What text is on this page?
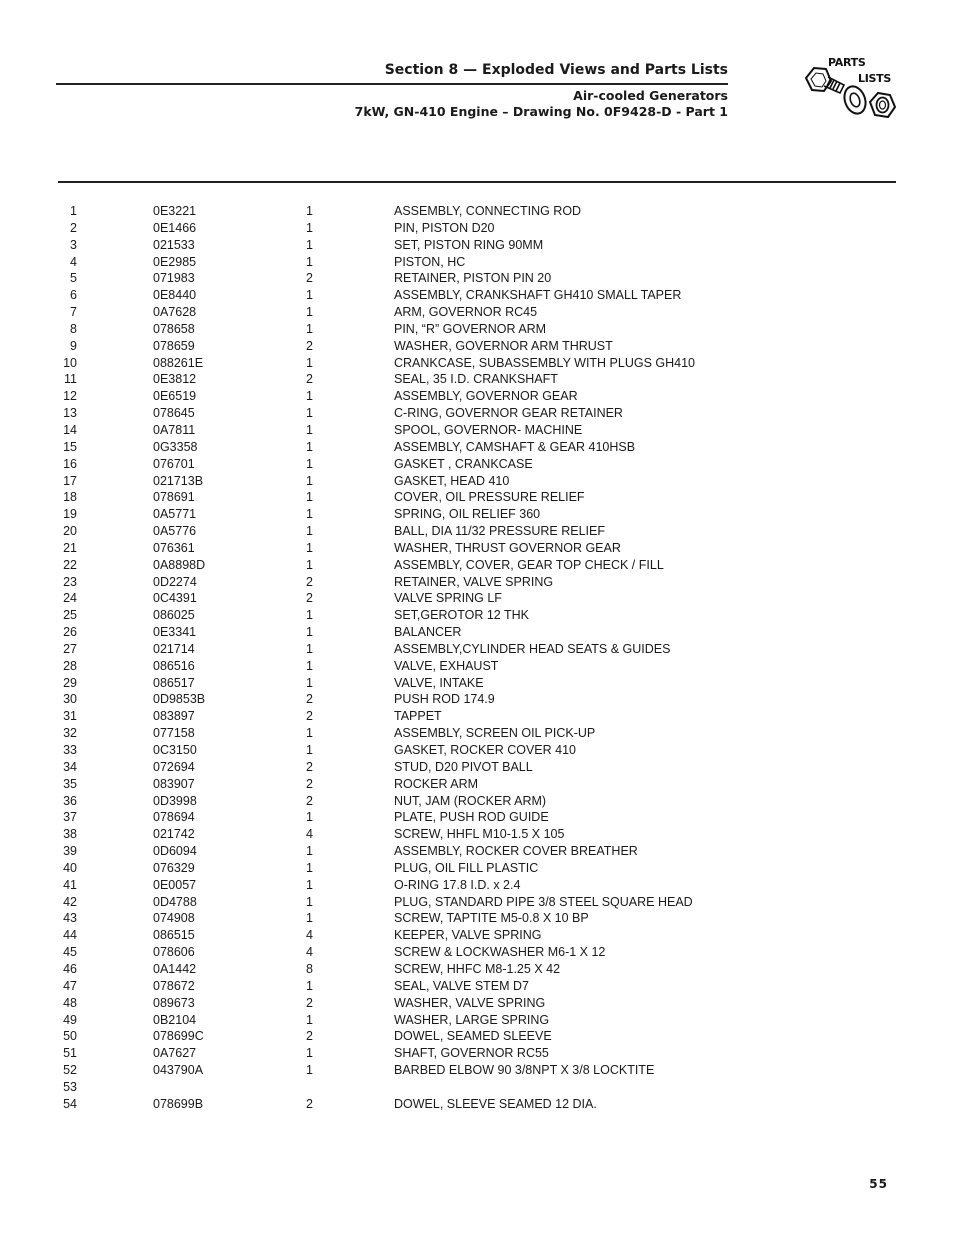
Section 8 — Exploded Views and Parts Lists
Air-cooled Generators
7kW, GN-410 Engine – Drawing No. 0F9428-D - Part 1
PARTS
LISTS
1	0E3221	1	ASSEMBLY, CONNECTING ROD
2	0E1466	1	PIN, PISTON D20
3	021533	1	SET, PISTON RING 90MM
4	0E2985	1	PISTON, HC
5	071983	2	RETAINER, PISTON PIN 20
6	0E8440	1	ASSEMBLY, CRANKSHAFT GH410 SMALL TAPER
7	0A7628	1	ARM, GOVERNOR RC45
8	078658	1	PIN, “R” GOVERNOR ARM
9	078659	2	WASHER, GOVERNOR ARM THRUST
10	088261E	1	CRANKCASE, SUBASSEMBLY WITH PLUGS GH410
11	0E3812	2	SEAL, 35 I.D. CRANKSHAFT
12	0E6519	1	ASSEMBLY, GOVERNOR GEAR
13	078645	1	C-RING, GOVERNOR GEAR RETAINER
14	0A7811	1	SPOOL, GOVERNOR- MACHINE
15	0G3358	1	ASSEMBLY, CAMSHAFT & GEAR 410HSB
16	076701	1	GASKET , CRANKCASE
17	021713B	1	GASKET, HEAD 410
18	078691	1	COVER, OIL PRESSURE RELIEF
19	0A5771	1	SPRING, OIL RELIEF 360
20	0A5776	1	BALL, DIA 11/32 PRESSURE RELIEF
21	076361	1	WASHER, THRUST GOVERNOR GEAR
22	0A8898D	1	ASSEMBLY, COVER, GEAR TOP CHECK / FILL
23	0D2274	2	RETAINER, VALVE SPRING
24	0C4391	2	VALVE SPRING LF
25	086025	1	SET,GEROTOR 12 THK
26	0E3341	1	BALANCER
27	021714	1	ASSEMBLY,CYLINDER HEAD SEATS & GUIDES
28	086516	1	VALVE, EXHAUST
29	086517	1	VALVE, INTAKE
30	0D9853B	2	PUSH ROD 174.9
31	083897	2	TAPPET
32	077158	1	ASSEMBLY, SCREEN OIL PICK-UP
33	0C3150	1	GASKET, ROCKER COVER 410
34	072694	2	STUD, D20 PIVOT BALL
35	083907	2	ROCKER ARM
36	0D3998	2	NUT, JAM (ROCKER ARM)
37	078694	1	PLATE, PUSH ROD GUIDE
38	021742	4	SCREW, HHFL M10-1.5 X 105
39	0D6094	1	ASSEMBLY, ROCKER COVER BREATHER
40	076329	1	PLUG, OIL FILL PLASTIC
41	0E0057	1	O-RING 17.8 I.D. x 2.4
42	0D4788	1	PLUG, STANDARD PIPE 3/8 STEEL SQUARE HEAD
43	074908	1	SCREW, TAPTITE M5-0.8 X 10 BP
44	086515	4	KEEPER, VALVE SPRING
45	078606	4	SCREW & LOCKWASHER M6-1 X 12
46	0A1442	8	SCREW, HHFC M8-1.25 X 42
47	078672	1	SEAL, VALVE STEM D7
48	089673	2	WASHER, VALVE SPRING
49	0B2104	1	WASHER, LARGE SPRING
50	078699C	2	DOWEL, SEAMED SLEEVE
51	0A7627	1	SHAFT, GOVERNOR RC55
52	043790A	1	BARBED ELBOW 90 3/8NPT X 3/8 LOCKTITE
53
54	078699B	2	DOWEL, SLEEVE SEAMED 12 DIA.
55
